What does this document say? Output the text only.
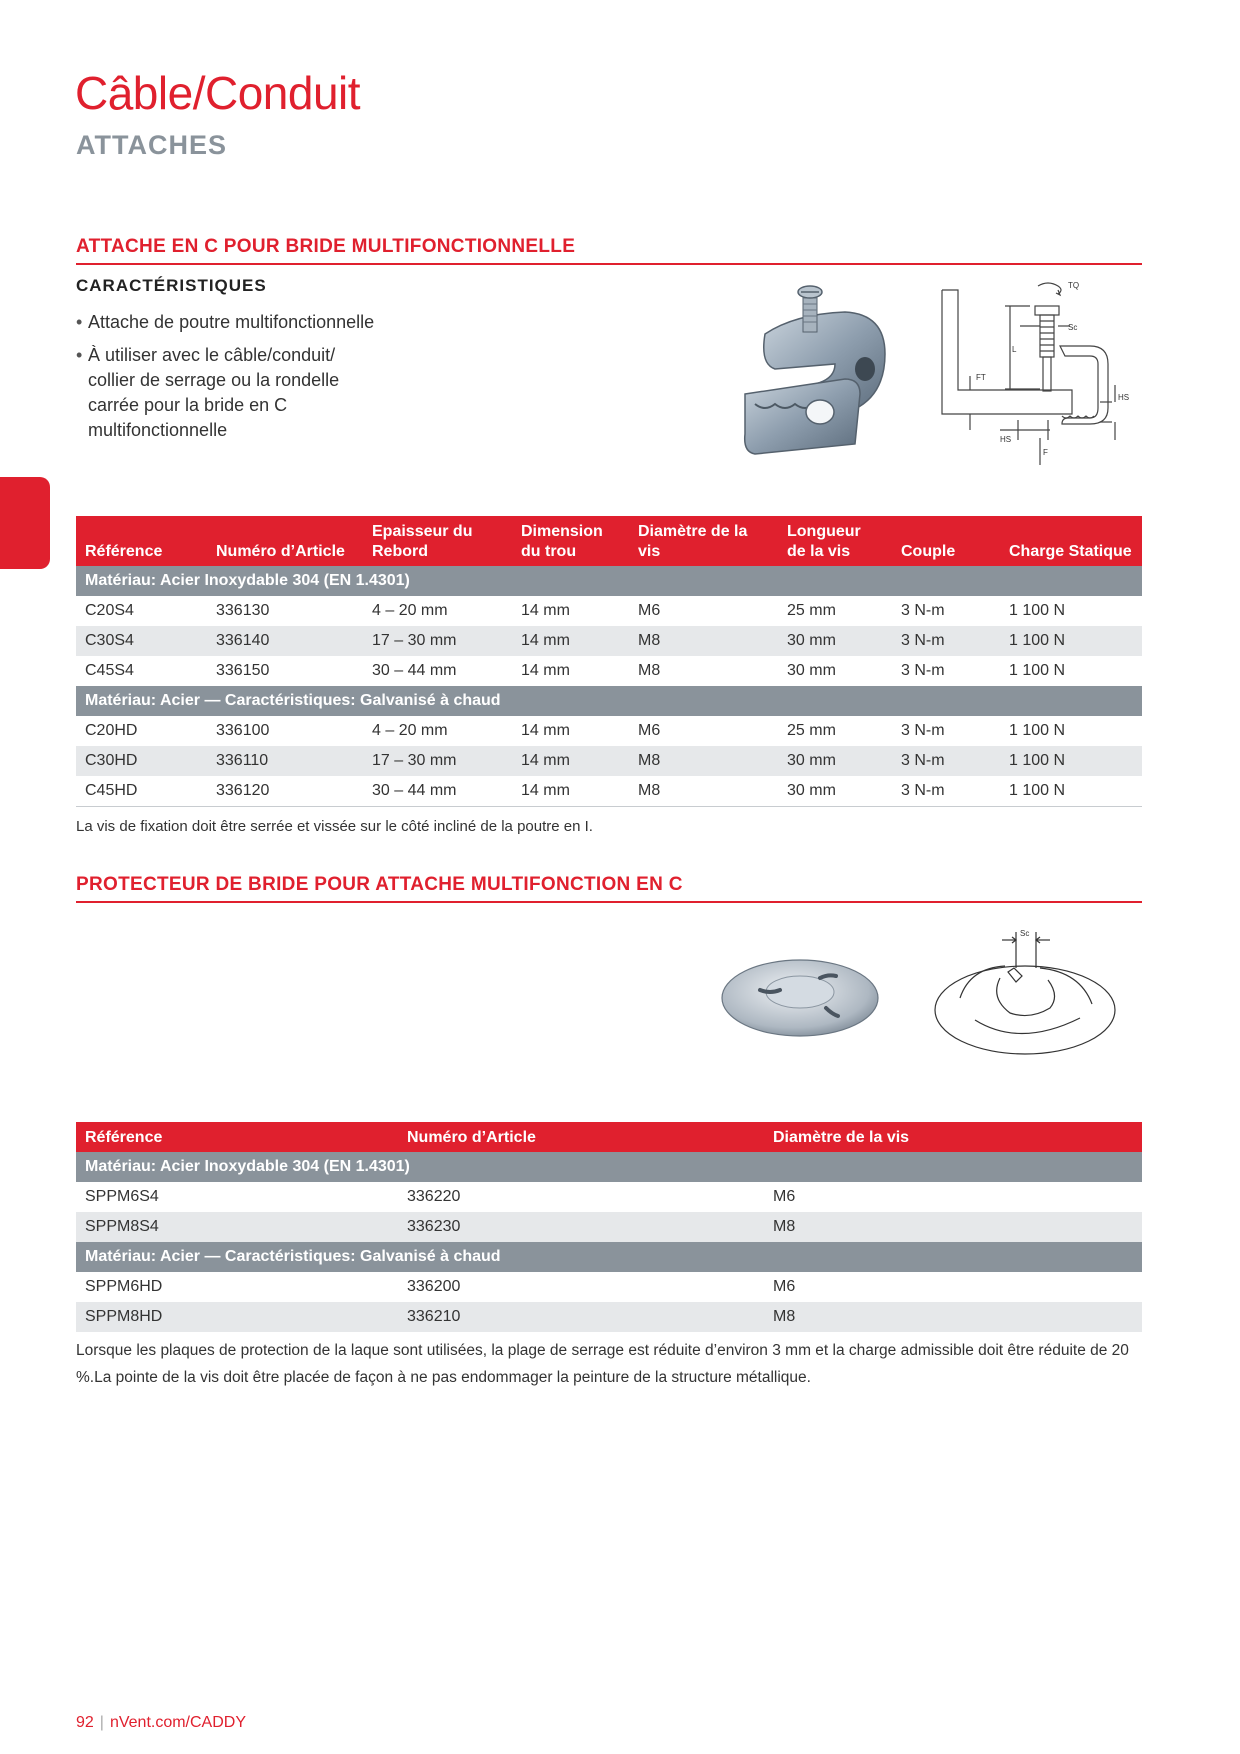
Câble/Conduit
ATTACHES
ATTACHE EN C POUR BRIDE MULTIFONCTIONNELLE
CARACTÉRISTIQUES
• Attache de poutre multifonctionnelle
• À utiliser avec le câble/conduit/ collier de serrage ou la rondelle carrée pour la bride en C multifonctionnelle
TQ
Sc
L
FT
HS
HS
F
Référence	Numéro d’Article	Epaisseur du Rebord	Dimension du trou	Diamètre de la vis	Longueur de la vis	Couple	Charge Statique
Matériau: Acier Inoxydable 304 (EN 1.4301)							
C20S4	336130	4 – 20 mm	14 mm	M6	25 mm	3 N-m	1 100 N
C30S4	336140	17 – 30 mm	14 mm	M8	30 mm	3 N-m	1 100 N
C45S4	336150	30 – 44 mm	14 mm	M8	30 mm	3 N-m	1 100 N
Matériau: Acier — Caractéristiques: Galvanisé à chaud							
C20HD	336100	4 – 20 mm	14 mm	M6	25 mm	3 N-m	1 100 N
C30HD	336110	17 – 30 mm	14 mm	M8	30 mm	3 N-m	1 100 N
C45HD	336120	30 – 44 mm	14 mm	M8	30 mm	3 N-m	1 100 N
La vis de fixation doit être serrée et vissée sur le côté incliné de la poutre en I.
PROTECTEUR DE BRIDE POUR ATTACHE MULTIFONCTION EN C
Sc
Référence	Numéro d’Article	Diamètre de la vis
Matériau: Acier Inoxydable 304 (EN 1.4301)		
SPPM6S4	336220	M6
SPPM8S4	336230	M8
Matériau: Acier — Caractéristiques: Galvanisé à chaud		
SPPM6HD	336200	M6
SPPM8HD	336210	M8
Lorsque les plaques de protection de la laque sont utilisées, la plage de serrage est réduite d’environ 3 mm et la charge admissible doit être réduite de 20 %.La pointe de la vis doit être placée de façon à ne pas endommager la peinture de la structure métallique.
92 | nVent.com/CADDY
